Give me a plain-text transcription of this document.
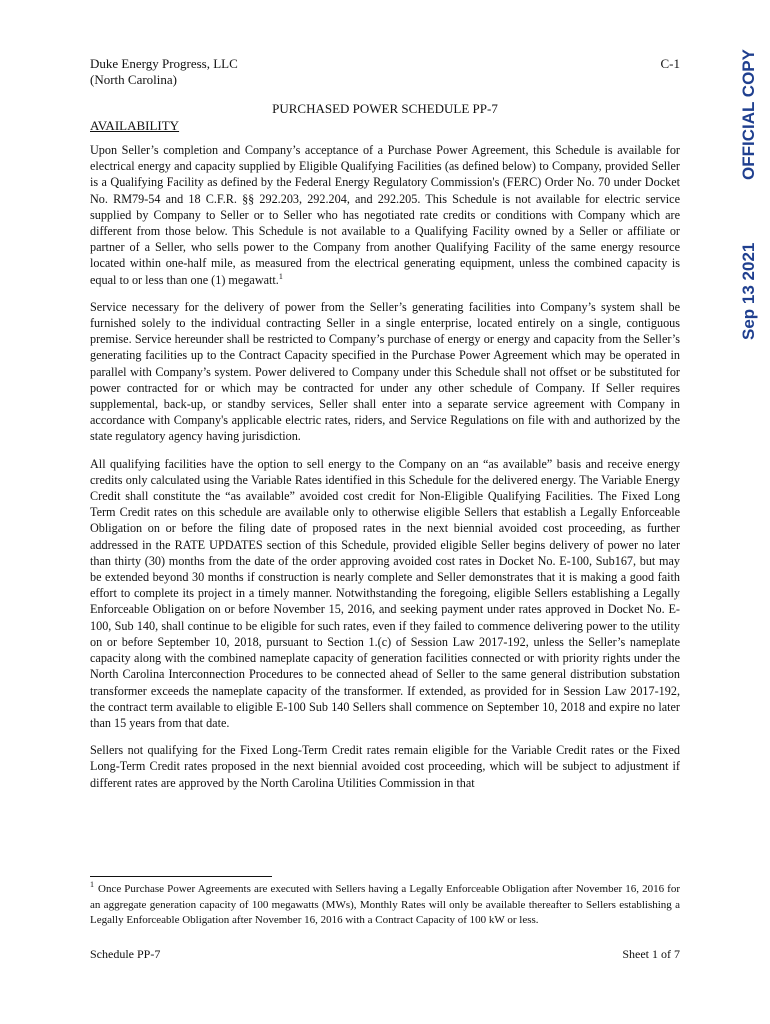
OFFICIAL COPY
Sep 13 2021
Duke Energy Progress, LLC
(North Carolina)
C-1
PURCHASED POWER SCHEDULE PP-7
AVAILABILITY

Upon Seller’s completion and Company’s acceptance of a Purchase Power Agreement, this Schedule is available for electrical energy and capacity supplied by Eligible Qualifying Facilities (as defined below) to Company, provided Seller is a Qualifying Facility as defined by the Federal Energy Regulatory Commission's (FERC) Order No. 70 under Docket No. RM79-54 and 18 C.F.R. §§ 292.203, 292.204, and 292.205. This Schedule is not available for electric service supplied by Company to Seller or to Seller who has negotiated rate credits or conditions with Company which are different from those below. This Schedule is not available to a Qualifying Facility owned by a Seller or affiliate or partner of a Seller, who sells power to the Company from another Qualifying Facility of the same energy resource located within one-half mile, as measured from the electrical generating equipment, unless the combined capacity is equal to or less than one (1) megawatt.$^1$

Service necessary for the delivery of power from the Seller’s generating facilities into Company’s system shall be furnished solely to the individual contracting Seller in a single enterprise, located entirely on a single, contiguous premise. Service hereunder shall be restricted to Company’s purchase of energy or energy and capacity from the Seller’s generating facilities up to the Contract Capacity specified in the Purchase Power Agreement which may be operated in parallel with Company’s system. Power delivered to Company under this Schedule shall not offset or be substituted for power contracted for or which may be contracted for under any other schedule of Company. If Seller requires supplemental, back-up, or standby services, Seller shall enter into a separate service agreement with Company in accordance with Company's applicable electric rates, riders, and Service Regulations on file with and authorized by the state regulatory agency having jurisdiction.

All qualifying facilities have the option to sell energy to the Company on an “as available” basis and receive energy credits only calculated using the Variable Rates identified in this Schedule for the delivered energy. The Variable Energy Credit shall constitute the “as available” avoided cost credit for Non-Eligible Qualifying Facilities. The Fixed Long Term Credit rates on this schedule are available only to otherwise eligible Sellers that establish a Legally Enforceable Obligation on or before the filing date of proposed rates in the next biennial avoided cost proceeding, as further addressed in the RATE UPDATES section of this Schedule, provided eligible Seller begins delivery of power no later than thirty (30) months from the date of the order approving avoided cost rates in Docket No. E-100, Sub167, but may be extended beyond 30 months if construction is nearly complete and Seller demonstrates that it is making a good faith effort to complete its project in a timely manner. Notwithstanding the foregoing, eligible Sellers establishing a Legally Enforceable Obligation on or before November 15, 2016, and seeking payment under rates approved in Docket No. E-100, Sub 140, shall continue to be eligible for such rates, even if they failed to commence delivering power to the utility on or before September 10, 2018, pursuant to Section 1.(c) of Session Law 2017-192, unless the Seller’s nameplate capacity along with the combined nameplate capacity of generation facilities connected or with priority rights under the North Carolina Interconnection Procedures to be connected ahead of Seller to the same general distribution substation transformer exceeds the nameplate capacity of the transformer. If extended, as provided for in Session Law 2017-192, the contract term available to eligible E-100 Sub 140 Sellers shall commence on September 10, 2018 and expire no later than 15 years from that date.

Sellers not qualifying for the Fixed Long-Term Credit rates remain eligible for the Variable Credit rates or the Fixed Long-Term Credit rates proposed in the next biennial avoided cost proceeding, which will be subject to adjustment if different rates are approved by the North Carolina Utilities Commission in that

$^1$ Once Purchase Power Agreements are executed with Sellers having a Legally Enforceable Obligation after November 16, 2016 for an aggregate generation capacity of 100 megawatts (MWs), Monthly Rates will only be available thereafter to Sellers establishing a Legally Enforceable Obligation after November 16, 2016 with a Contract Capacity of 100 kW or less.
Schedule PP-7	Sheet 1 of 7
